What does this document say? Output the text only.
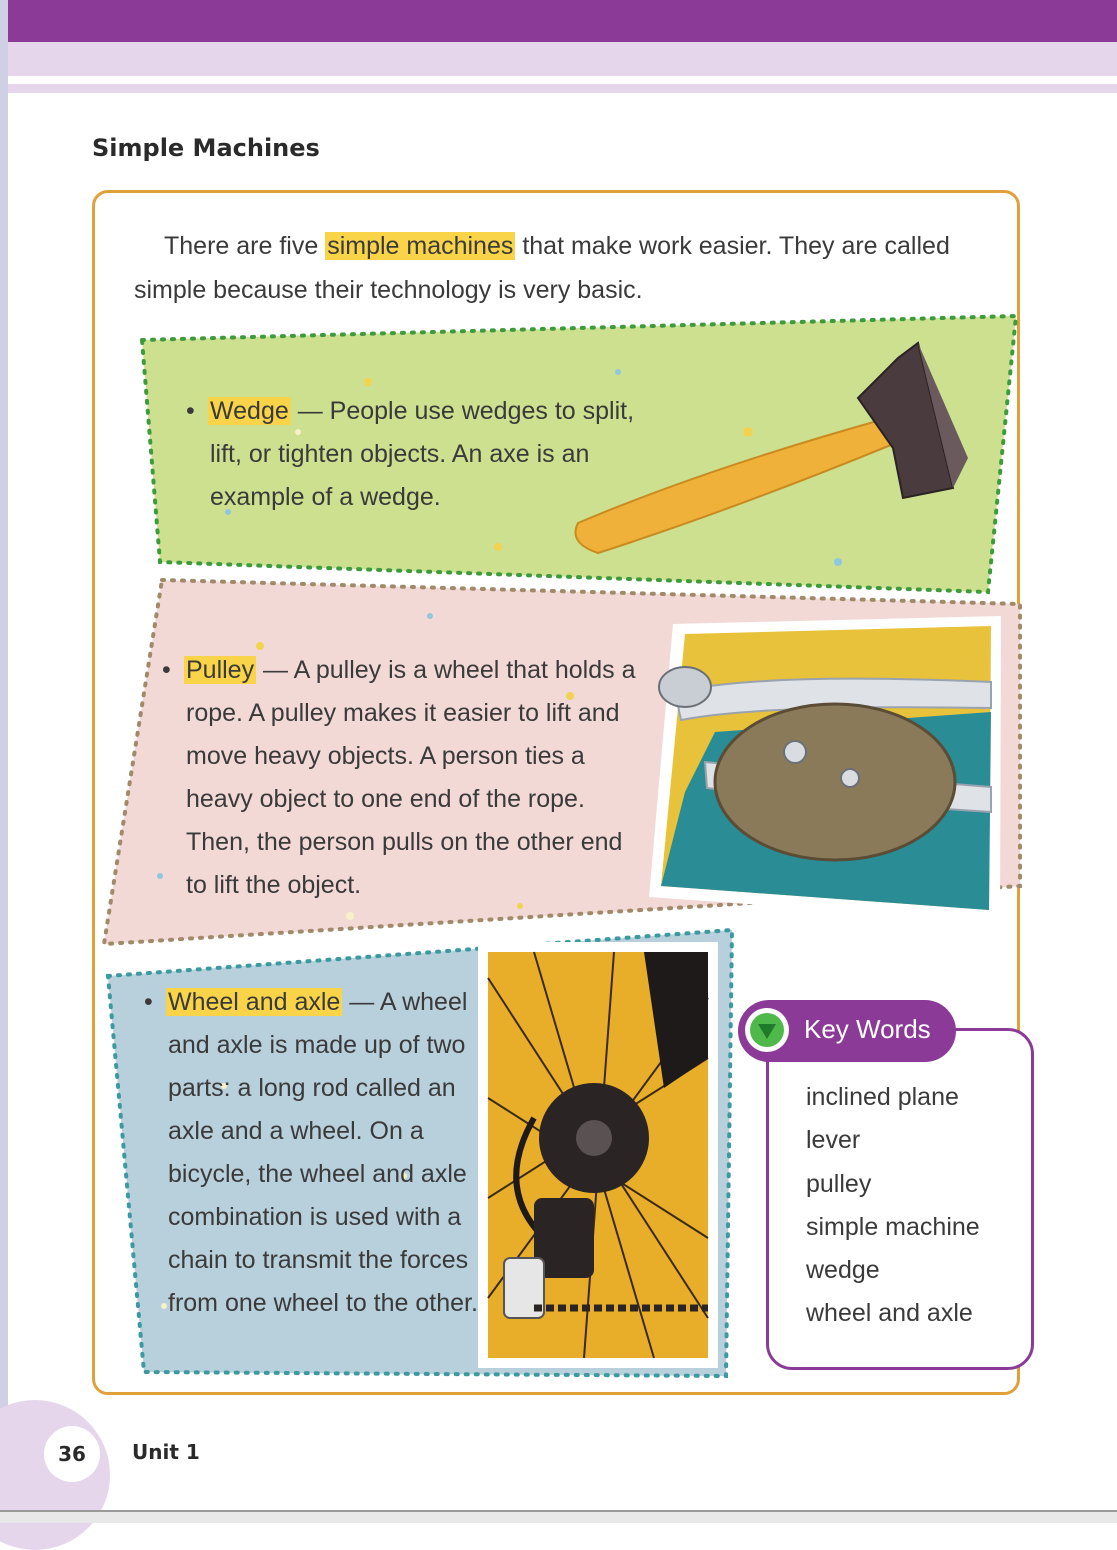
Simple Machines

There are five simple machines that make work easier. They are called simple because their technology is very basic.

• Wedge — People use wedges to split, lift, or tighten objects. An axe is an example of a wedge.

• Pulley — A pulley is a wheel that holds a rope. A pulley makes it easier to lift and move heavy objects. A person ties a heavy object to one end of the rope. Then, the person pulls on the other end to lift the object.

• Wheel and axle — A wheel and axle is made up of two parts: a long rod called an axle and a wheel. On a bicycle, the wheel and axle combination is used with a chain to transmit the forces from one wheel to the other.

Key Words
inclined plane
lever
pulley
simple machine
wedge
wheel and axle
36	Unit 1
